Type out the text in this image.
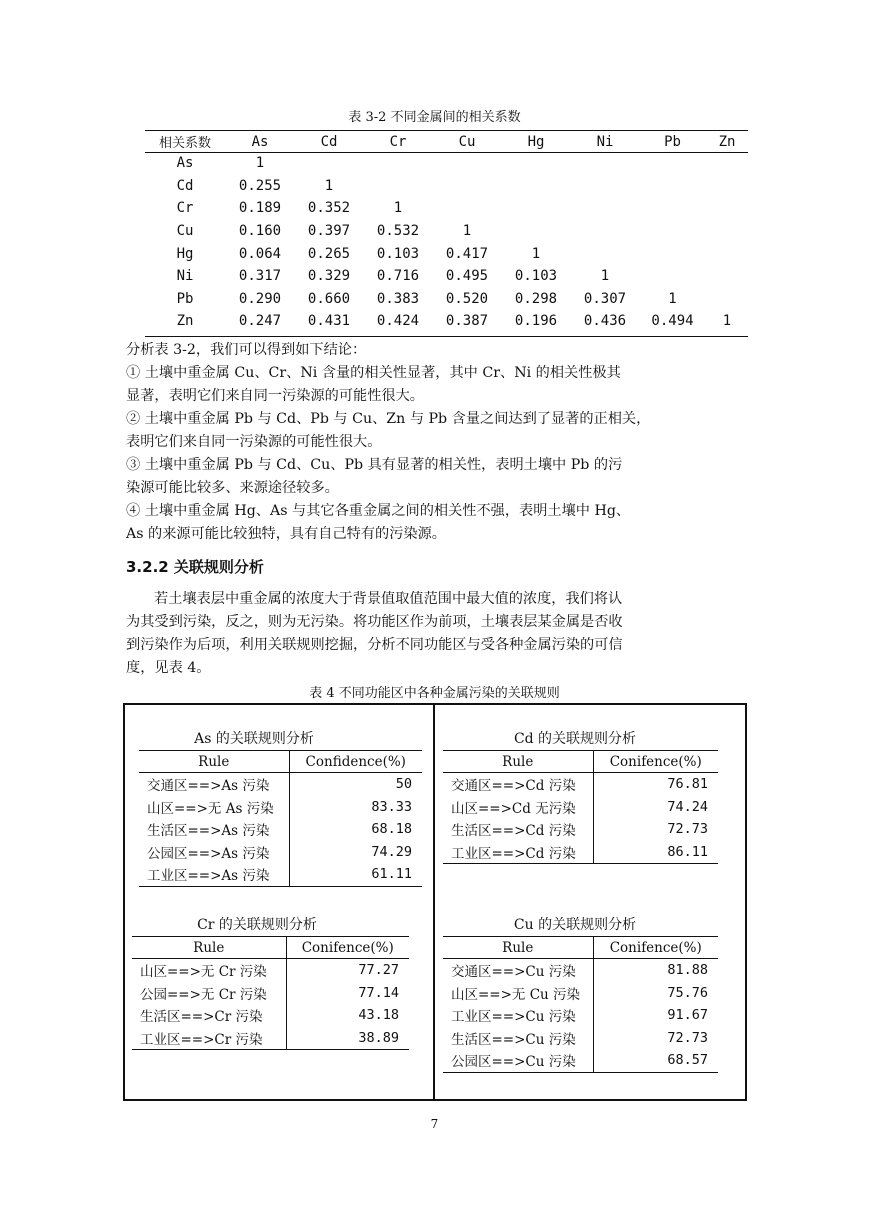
表 3-2 不同金属间的相关系数
相关系数	As	Cd	Cr	Cu	Hg	Ni	Pb	Zn
As	1							
Cd	0.255	1						
Cr	0.189	0.352	1					
Cu	0.160	0.397	0.532	1				
Hg	0.064	0.265	0.103	0.417	1			
Ni	0.317	0.329	0.716	0.495	0.103	1		
Pb	0.290	0.660	0.383	0.520	0.298	0.307	1	
Zn	0.247	0.431	0.424	0.387	0.196	0.436	0.494	1
分析表 3-2，我们可以得到如下结论：
① 土壤中重金属 Cu、Cr、Ni 含量的相关性显著，其中 Cr、Ni 的相关性极其
显著，表明它们来自同一污染源的可能性很大。
② 土壤中重金属 Pb 与 Cd、Pb 与 Cu、Zn 与 Pb 含量之间达到了显著的正相关，
表明它们来自同一污染源的可能性很大。
③ 土壤中重金属 Pb 与 Cd、Cu、Pb 具有显著的相关性，表明土壤中 Pb 的污
染源可能比较多、来源途径较多。
④ 土壤中重金属 Hg、As 与其它各重金属之间的相关性不强，表明土壤中 Hg、
As 的来源可能比较独特，具有自己特有的污染源。
3.2.2 关联规则分析
若土壤表层中重金属的浓度大于背景值取值范围中最大值的浓度，我们将认
为其受到污染，反之，则为无污染。将功能区作为前项，土壤表层某金属是否收
到污染作为后项，利用关联规则挖掘，分析不同功能区与受各种金属污染的可信
度，见表 4。
表 4 不同功能区中各种金属污染的关联规则
As 的关联规则分析
Rule	Confidence(%)
交通区==>As 污染	50
山区==>无 As 污染	83.33
生活区==>As 污染	68.18
公园区==>As 污染	74.29
工业区==>As 污染	61.11
Cd 的关联规则分析
Rule	Conifence(%)
交通区==>Cd 污染	76.81
山区==>Cd 无污染	74.24
生活区==>Cd 污染	72.73
工业区==>Cd 污染	86.11
Cr 的关联规则分析
Rule	Conifence(%)
山区==>无 Cr 污染	77.27
公园==>无 Cr 污染	77.14
生活区==>Cr 污染	43.18
工业区==>Cr 污染	38.89
Cu 的关联规则分析
Rule	Conifence(%)
交通区==>Cu 污染	81.88
山区==>无 Cu 污染	75.76
工业区==>Cu 污染	91.67
生活区==>Cu 污染	72.73
公园区==>Cu 污染	68.57
7
